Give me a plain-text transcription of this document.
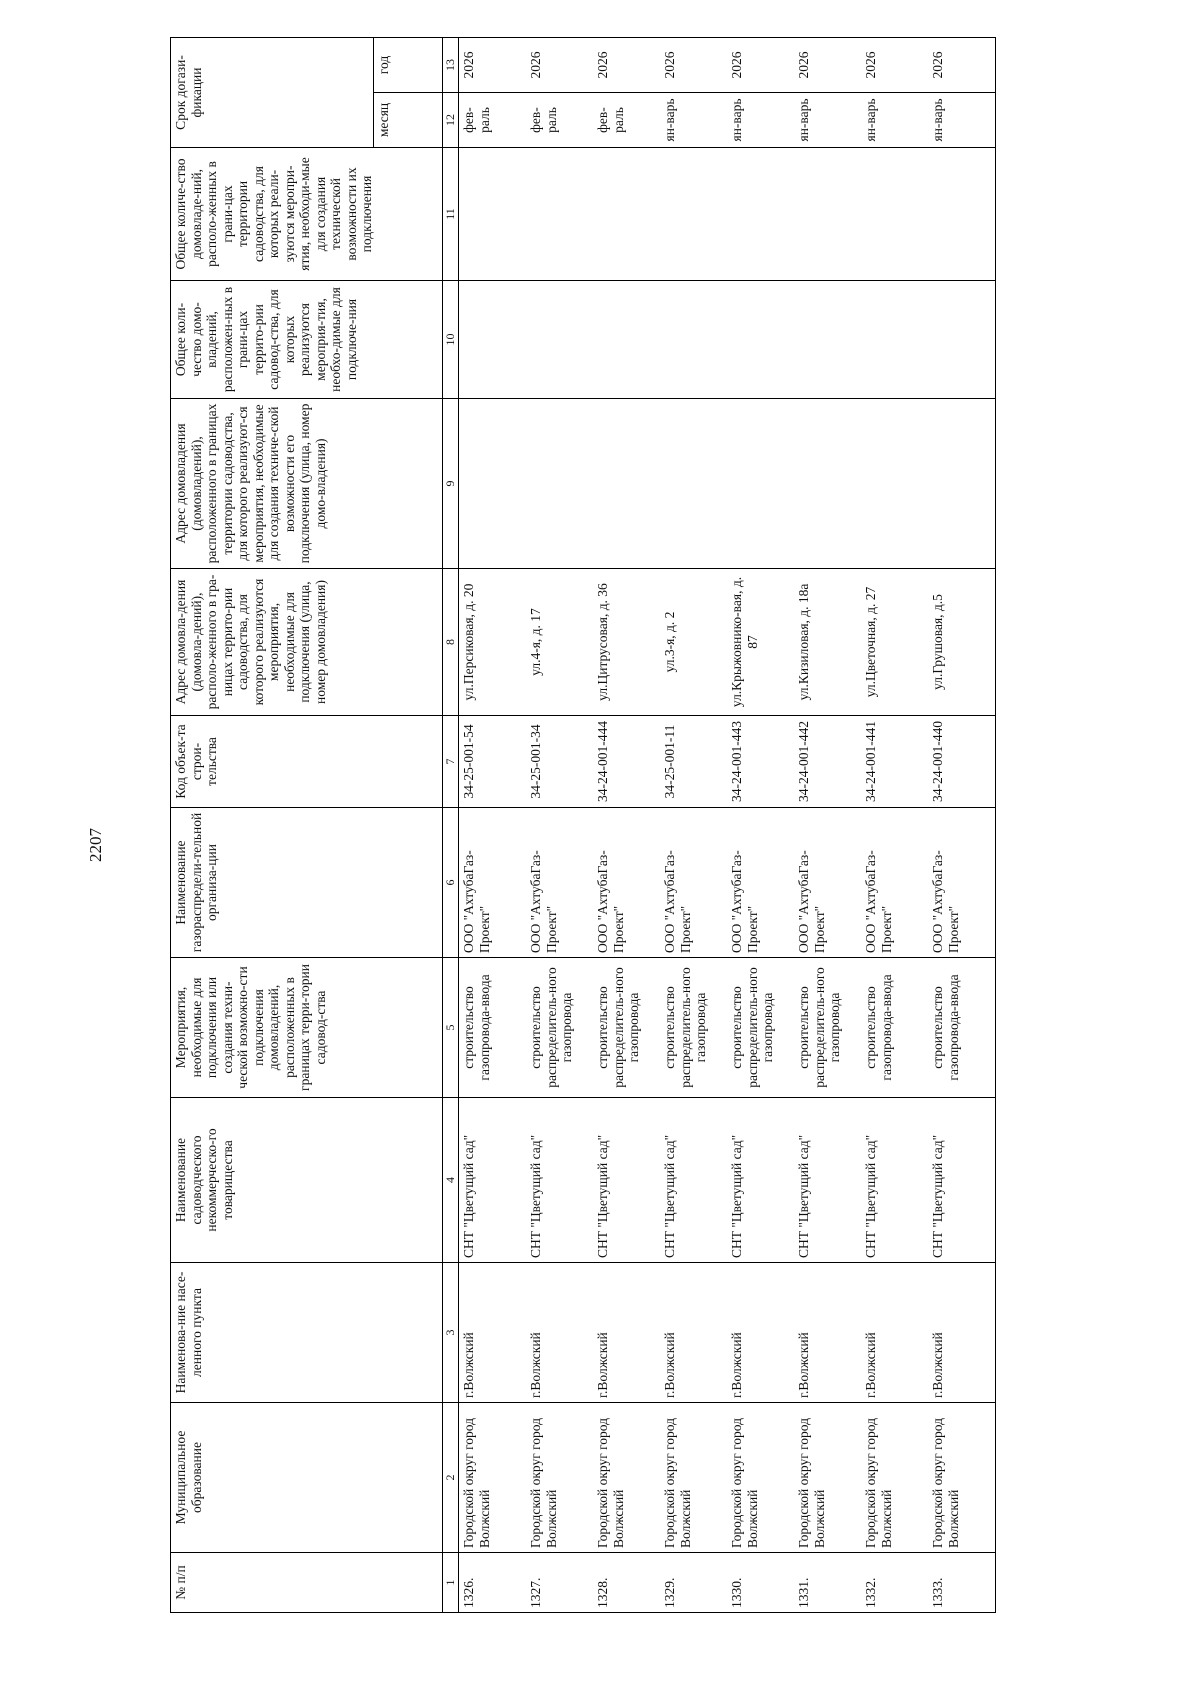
2207
№ п/п	Муниципальное образование	Наименова-ние насе-ленного пункта	Наименование садоводческого некоммерческо-го товарищества	Мероприятия, необходимые для подключения или создания техни-ческой возможно-сти подключения домовладений, расположенных в границах терри-тории садовод-ства	Наименование газораспредели-тельной организа-ции	Код объек-та строи-тельства	Адрес домовла-дения (домовла-дений), располо-женного в гра-ницах террито-рии садоводства, для которого реализуются мероприятия, необходимые для подключения (улица, номер домовладения)	Адрес домовладения (домовладений), расположенного в границах территории садоводства, для которого реализуют-ся мероприятия, необходимые для создания техниче-ской возможности его подключения (улица, номер домо-владения)	Общее коли-чество домо-владений, расположен-ных в грани-цах террито-рии садовод-ства, для которых реализуются мероприя-тия, необхо-димые для подключе-ния	Общее количе-ство домовладе-ний, располо-женных в грани-цах территории садоводства, для которых реали-зуются меропри-ятия, необходи-мые для создания технической возможности их подключения	Срок догази-фикации	
											месяц	год
1	2	3	4	5	6	7	8	9	10	11	12	13
1326.	Городской округ город Волжский	г.Волжский	СНТ "Цветущий сад"	строительство газопровода-ввода	ООО "АхтубаГаз-Проект"	34-25-001-54	ул.Персиковая, д. 20				фев-раль	2026
1327.	Городской округ город Волжский	г.Волжский	СНТ "Цветущий сад"	строительство распределитель-ного газопровода	ООО "АхтубаГаз-Проект"	34-25-001-34	ул.4-я, д. 17				фев-раль	2026
1328.	Городской округ город Волжский	г.Волжский	СНТ "Цветущий сад"	строительство распределитель-ного газопровода	ООО "АхтубаГаз-Проект"	34-24-001-444	ул.Цитрусовая, д. 36				фев-раль	2026
1329.	Городской округ город Волжский	г.Волжский	СНТ "Цветущий сад"	строительство распределитель-ного газопровода	ООО "АхтубаГаз-Проект"	34-25-001-11	ул.3-я, д. 2				ян-варь	2026
1330.	Городской округ город Волжский	г.Волжский	СНТ "Цветущий сад"	строительство распределитель-ного газопровода	ООО "АхтубаГаз-Проект"	34-24-001-443	ул.Крыжовнико-вая, д. 87				ян-варь	2026
1331.	Городской округ город Волжский	г.Волжский	СНТ "Цветущий сад"	строительство распределитель-ного газопровода	ООО "АхтубаГаз-Проект"	34-24-001-442	ул.Кизиловая, д. 18а				ян-варь	2026
1332.	Городской округ город Волжский	г.Волжский	СНТ "Цветущий сад"	строительство газопровода-ввода	ООО "АхтубаГаз-Проект"	34-24-001-441	ул.Цветочная, д. 27				ян-варь	2026
1333.	Городской округ город Волжский	г.Волжский	СНТ "Цветущий сад"	строительство газопровода-ввода	ООО "АхтубаГаз-Проект"	34-24-001-440	ул.Грушовая, д.5				ян-варь	2026
